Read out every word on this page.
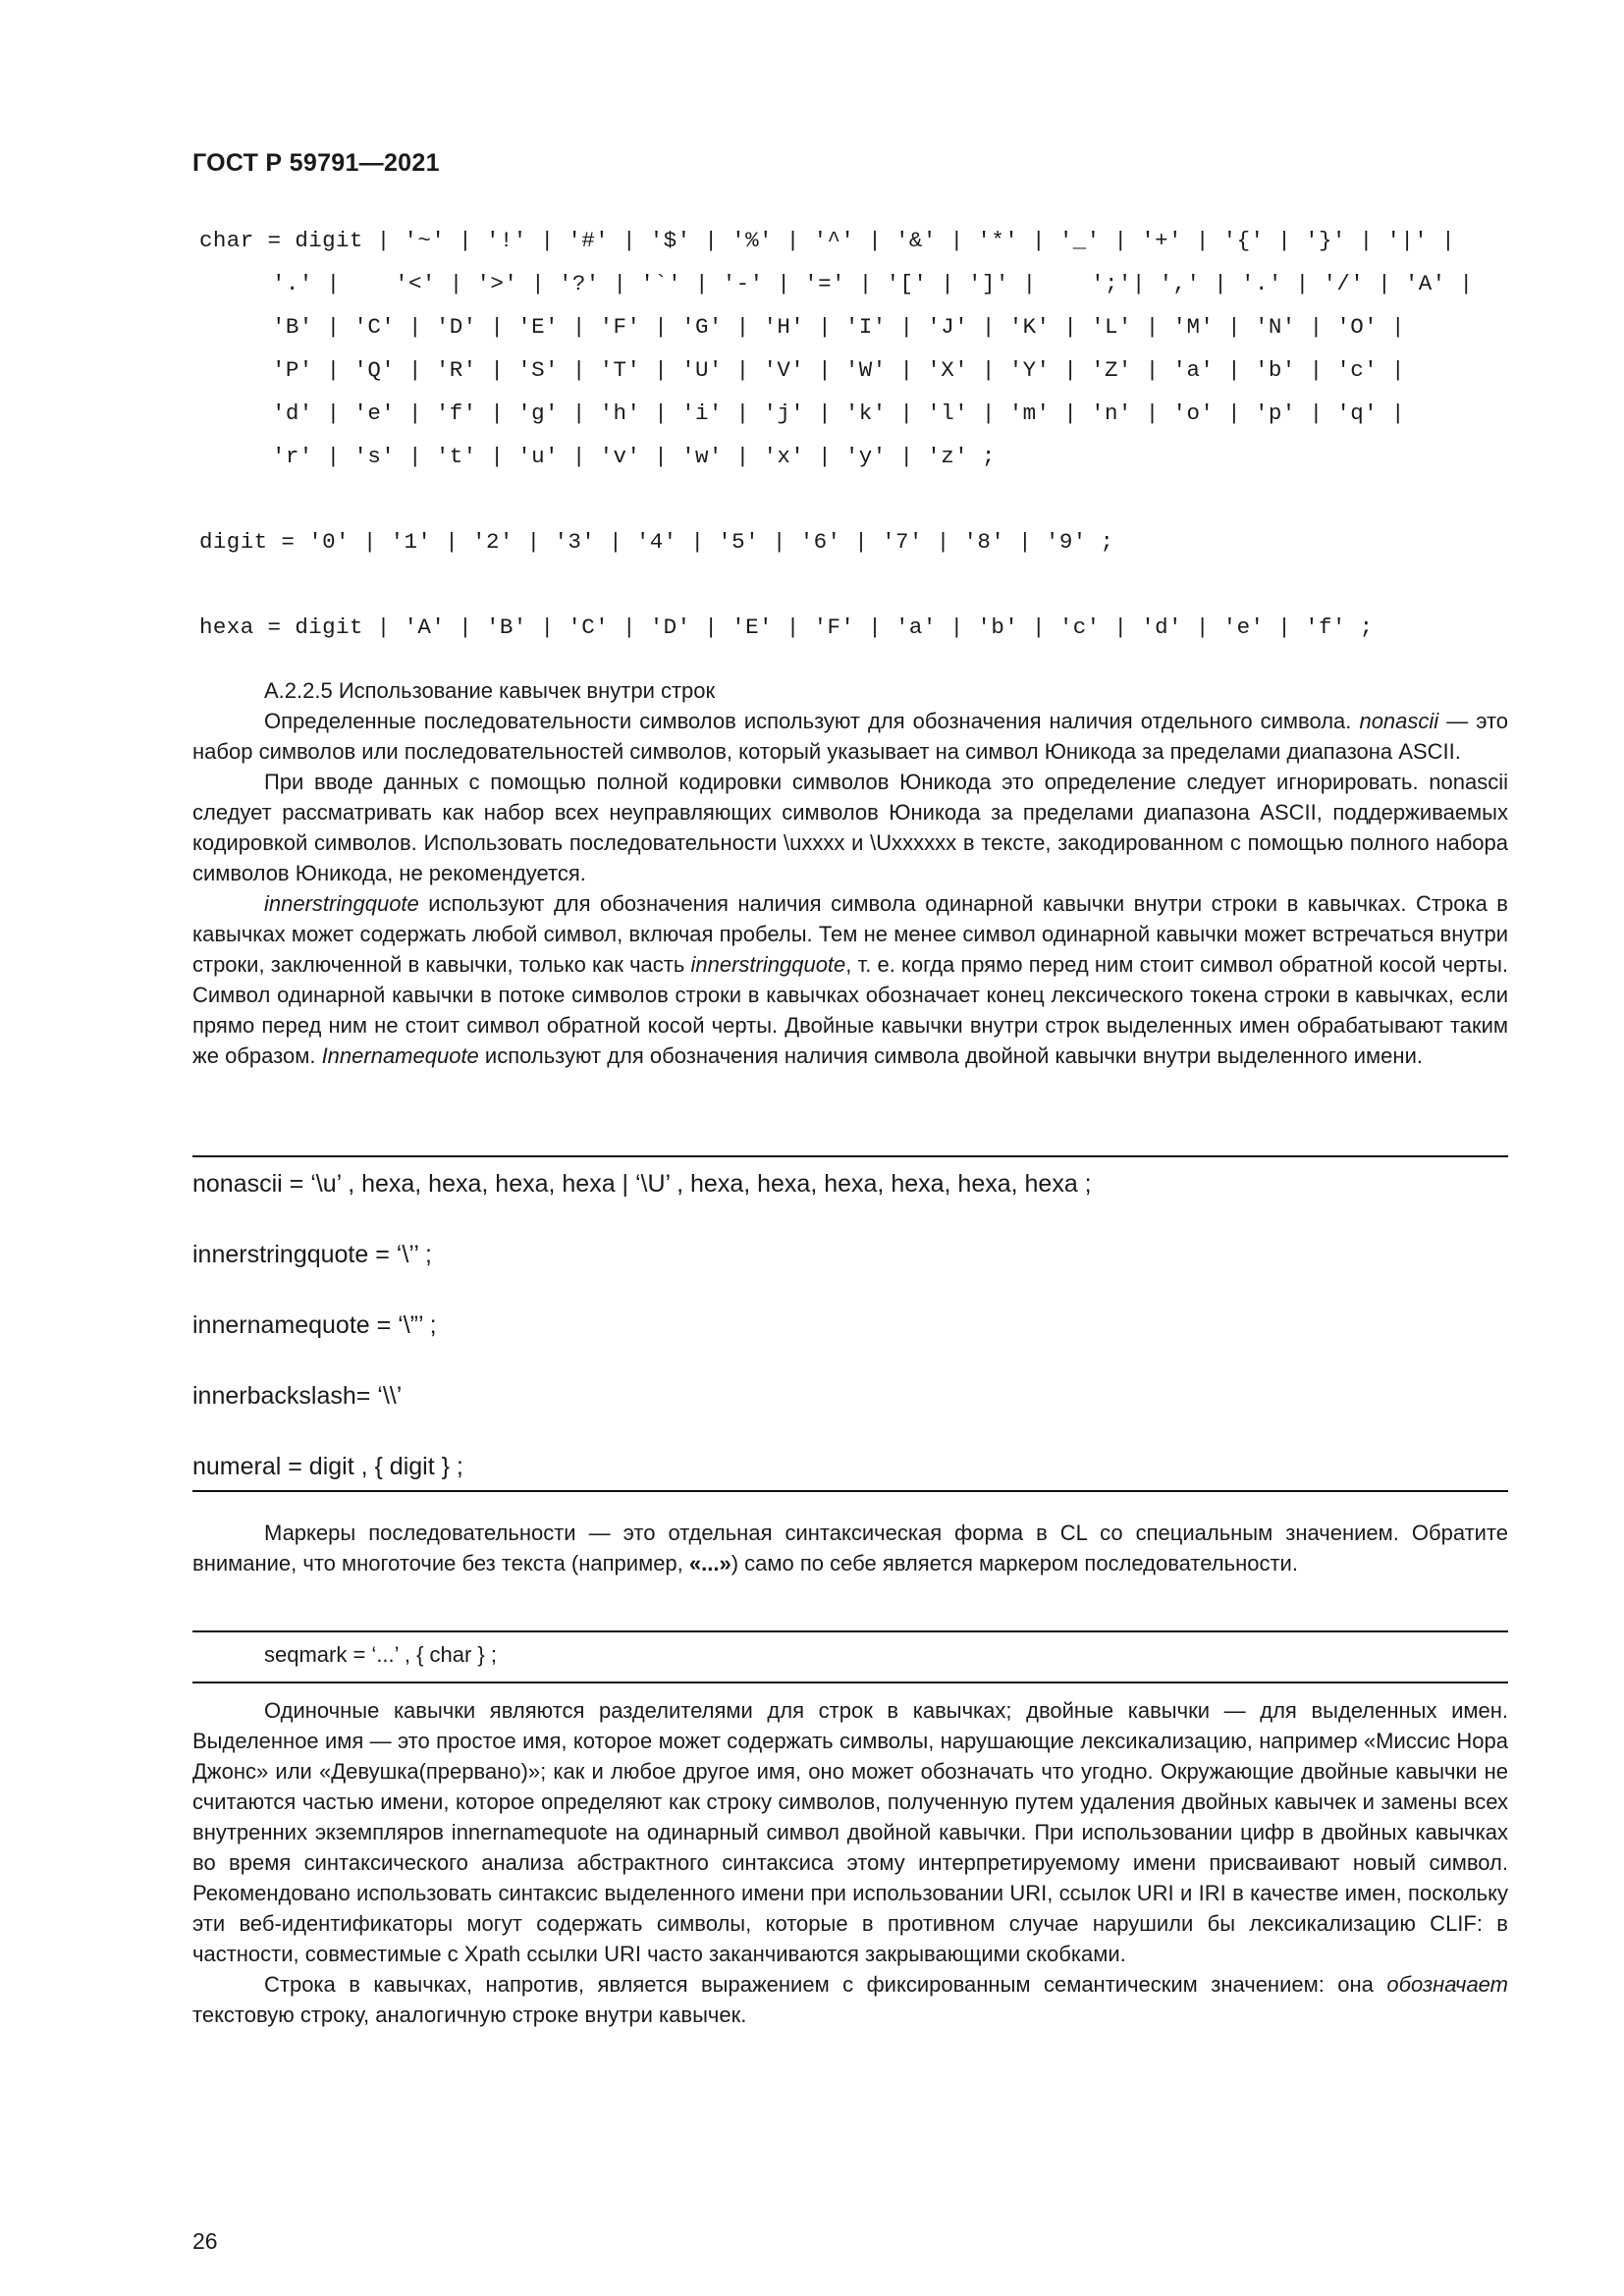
ГОСТ Р 59791—2021

char = digit | '~' | '!' | '#' | '$' | '%' | '^' | '&' | '*' | '_' | '+' | '{' | '}' | '|' |

'.' |    '<' | '>' | '?' | '`' | '-' | '=' | '[' | ']' |    ';'| ',' | '.' | '/' | 'A' |

'B' | 'C' | 'D' | 'E' | 'F' | 'G' | 'H' | 'I' | 'J' | 'K' | 'L' | 'M' | 'N' | 'O' |

'P' | 'Q' | 'R' | 'S' | 'T' | 'U' | 'V' | 'W' | 'X' | 'Y' | 'Z' | 'a' | 'b' | 'c' |

'd' | 'e' | 'f' | 'g' | 'h' | 'i' | 'j' | 'k' | 'l' | 'm' | 'n' | 'o' | 'p' | 'q' |

'r' | 's' | 't' | 'u' | 'v' | 'w' | 'x' | 'y' | 'z' ;

digit = '0' | '1' | '2' | '3' | '4' | '5' | '6' | '7' | '8' | '9' ;

hexa = digit | 'A' | 'B' | 'C' | 'D' | 'E' | 'F' | 'a' | 'b' | 'c' | 'd' | 'e' | 'f' ;

A.2.2.5 Использование кавычек внутри строк

Определенные последовательности символов используют для обозначения наличия отдельного символа. nonascii — это набор символов или последовательностей символов, который указывает на символ Юникода за пределами диапазона ASCII.

При вводе данных с помощью полной кодировки символов Юникода это определение следует игнорировать. nonascii следует рассматривать как набор всех неуправляющих символов Юникода за пределами диапазона ASCII, поддерживаемых кодировкой символов. Использовать последовательности \uxxxx и \Uxxxxxx в тексте, закодированном с помощью полного набора символов Юникода, не рекомендуется.

innerstringquote используют для обозначения наличия символа одинарной кавычки внутри строки в кавычках. Строка в кавычках может содержать любой символ, включая пробелы. Тем не менее символ одинарной кавычки может встречаться внутри строки, заключенной в кавычки, только как часть innerstringquote, т. е. когда прямо перед ним стоит символ обратной косой черты. Символ одинарной кавычки в потоке символов строки в кавычках обозначает конец лексического токена строки в кавычках, если прямо перед ним не стоит символ обратной косой черты. Двойные кавычки внутри строк выделенных имен обрабатывают таким же образом. Innernamequote используют для обозначения наличия символа двойной кавычки внутри выделенного имени.

nonascii = ‘\u’ , hexa, hexa, hexa, hexa | ‘\U’ , hexa, hexa, hexa, hexa, hexa, hexa ;
innerstringquote = ‘\’’ ;
innernamequote = ‘\”’ ;
innerbackslash= ‘\\’
numeral = digit , { digit } ;

Маркеры последовательности — это отдельная синтаксическая форма в CL со специальным значением. Обратите внимание, что многоточие без текста (например, «...») само по себе является маркером последовательности.

seqmark = ‘...’ , { char } ;

Одиночные кавычки являются разделителями для строк в кавычках; двойные кавычки — для выделенных имен. Выделенное имя — это простое имя, которое может содержать символы, нарушающие лексикализацию, например «Миссис Нора Джонс» или «Девушка(прервано)»; как и любое другое имя, оно может обозначать что угодно. Окружающие двойные кавычки не считаются частью имени, которое определяют как строку символов, полученную путем удаления двойных кавычек и замены всех внутренних экземпляров innernamequote на одинарный символ двойной кавычки. При использовании цифр в двойных кавычках во время синтаксического анализа абстрактного синтаксиса этому интерпретируемому имени присваивают новый символ. Рекомендовано использовать синтаксис выделенного имени при использовании URI, ссылок URI и IRI в качестве имен, поскольку эти веб-идентификаторы могут содержать символы, которые в противном случае нарушили бы лексикализацию CLIF: в частности, совместимые с Xpath ссылки URI часто заканчиваются закрывающими скобками.

Строка в кавычках, напротив, является выражением с фиксированным семантическим значением: она обозначает текстовую строку, аналогичную строке внутри кавычек.

26
